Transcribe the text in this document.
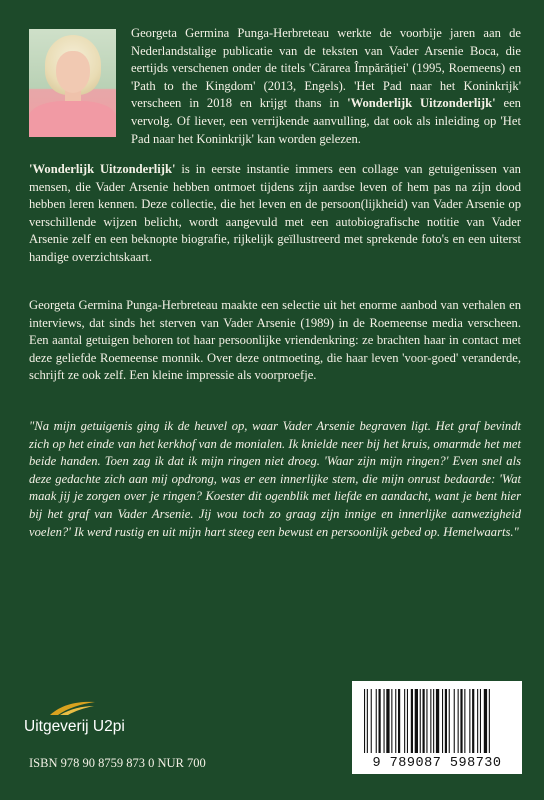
Georgeta Germina Punga-Herbreteau werkte de voorbije jaren aan de Nederlandstalige publicatie van de teksten van Vader Arsenie Boca, die eertijds verschenen onder de titels 'Cărarea Împărăției' (1995, Roemeens) en 'Path to the Kingdom' (2013, Engels). 'Het Pad naar het Koninkrijk' verscheen in 2018 en krijgt thans in 'Wonderlijk Uitzonderlijk' een vervolg. Of liever, een verrijkende aanvulling, dat ook als inleiding op 'Het Pad naar het Koninkrijk' kan worden gelezen.
'Wonderlijk Uitzonderlijk' is in eerste instantie immers een collage van getuigenissen van mensen, die Vader Arsenie hebben ontmoet tijdens zijn aardse leven of hem pas na zijn dood hebben leren kennen. Deze collectie, die het leven en de persoon(lijkheid) van Vader Arsenie op verschillende wijzen belicht, wordt aangevuld met een autobiografische notitie van Vader Arsenie zelf en een beknopte biografie, rijkelijk geïllustreerd met sprekende foto's en een uiterst handige overzichtskaart.
Georgeta Germina Punga-Herbreteau maakte een selectie uit het enorme aanbod van verhalen en interviews, dat sinds het sterven van Vader Arsenie (1989) in de Roemeense media verscheen. Een aantal getuigen behoren tot haar persoonlijke vriendenkring: ze brachten haar in contact met deze geliefde Roemeense monnik. Over deze ontmoeting, die haar leven 'voor-goed' veranderde, schrijft ze ook zelf. Een kleine impressie als voorproefje.
"Na mijn getuigenis ging ik de heuvel op, waar Vader Arsenie begraven ligt. Het graf bevindt zich op het einde van het kerkhof van de monialen. Ik knielde neer bij het kruis, omarmde het met beide handen. Toen zag ik dat ik mijn ringen niet droeg. 'Waar zijn mijn ringen?' Even snel als deze gedachte zich aan mij opdrong, was er een innerlijke stem, die mijn onrust bedaarde: 'Wat maak jij je zorgen over je ringen? Koester dit ogenblik met liefde en aandacht, want je bent hier bij het graf van Vader Arsenie. Jij wou toch zo graag zijn innige en innerlijke aanwezigheid voelen?' Ik werd rustig en uit mijn hart steeg een bewust en persoonlijk gebed op. Hemelwaarts."
Uitgeverij U2pi
ISBN 978 90 8759 873 0 NUR 700	9 789087 598730
